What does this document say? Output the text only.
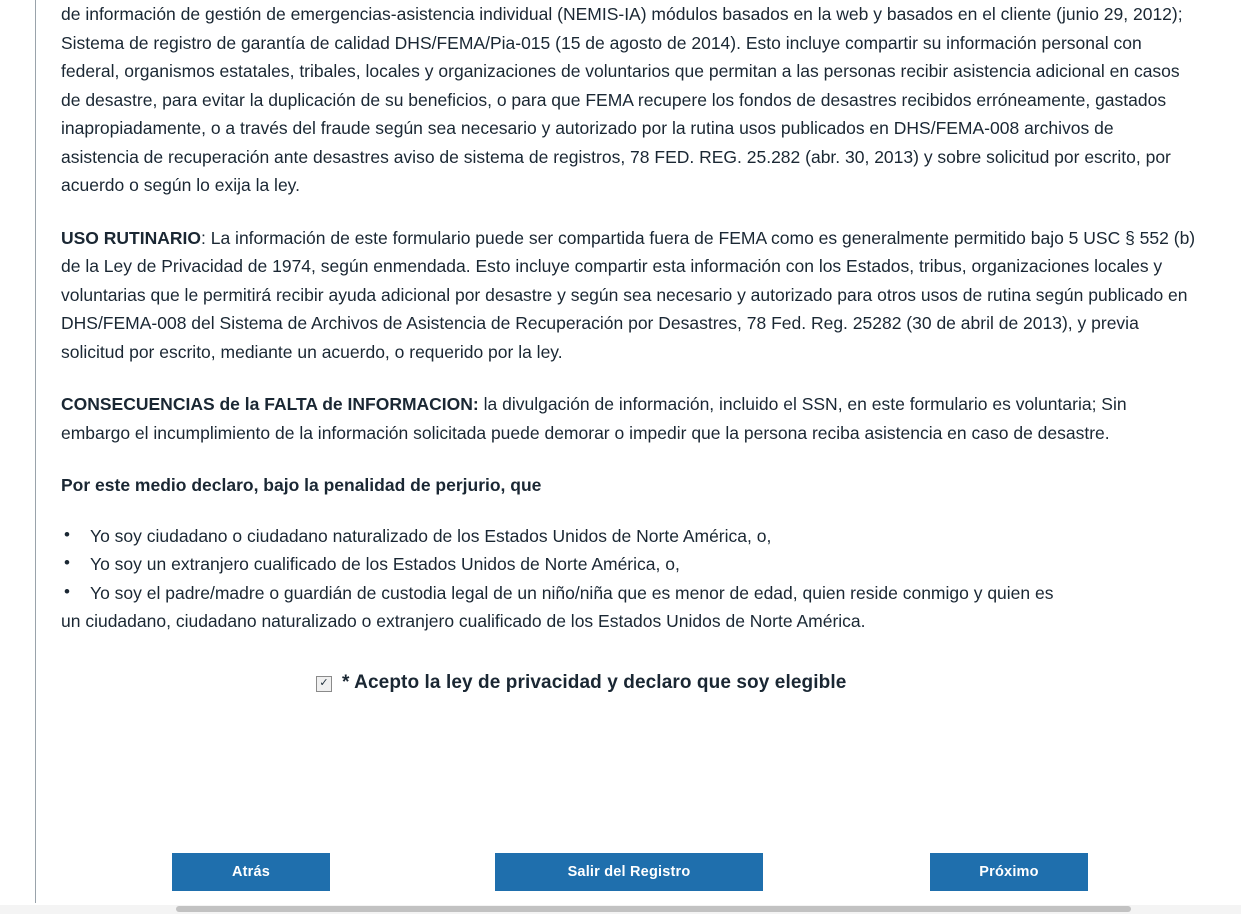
de información de gestión de emergencias-asistencia individual (NEMIS-IA) módulos basados en la web y basados en el cliente (junio 29, 2012); Sistema de registro de garantía de calidad DHS/FEMA/Pia-015 (15 de agosto de 2014). Esto incluye compartir su información personal con federal, organismos estatales, tribales, locales y organizaciones de voluntarios que permitan a las personas recibir asistencia adicional en casos de desastre, para evitar la duplicación de su beneficios, o para que FEMA recupere los fondos de desastres recibidos erróneamente, gastados inapropiadamente, o a través del fraude según sea necesario y autorizado por la rutina usos publicados en DHS/FEMA-008 archivos de asistencia de recuperación ante desastres aviso de sistema de registros, 78 FED. REG. 25.282 (abr. 30, 2013) y sobre solicitud por escrito, por acuerdo o según lo exija la ley.

USO RUTINARIO: La información de este formulario puede ser compartida fuera de FEMA como es generalmente permitido bajo 5 USC § 552 (b) de la Ley de Privacidad de 1974, según enmendada. Esto incluye compartir esta información con los Estados, tribus, organizaciones locales y voluntarias que le permitirá recibir ayuda adicional por desastre y según sea necesario y autorizado para otros usos de rutina según publicado en DHS/FEMA-008 del Sistema de Archivos de Asistencia de Recuperación por Desastres, 78 Fed. Reg. 25282 (30 de abril de 2013), y previa solicitud por escrito, mediante un acuerdo, o requerido por la ley.

CONSECUENCIAS de la FALTA de INFORMACION: la divulgación de información, incluido el SSN, en este formulario es voluntaria; Sin embargo el incumplimiento de la información solicitada puede demorar o impedir que la persona reciba asistencia en caso de desastre.

Por este medio declaro, bajo la penalidad de perjurio, que

• Yo soy ciudadano o ciudadano naturalizado de los Estados Unidos de Norte América, o,
• Yo soy un extranjero cualificado de los Estados Unidos de Norte América, o,
• Yo soy el padre/madre o guardián de custodia legal de un niño/niña que es menor de edad, quien reside conmigo y quien es
un ciudadano, ciudadano naturalizado o extranjero cualificado de los Estados Unidos de Norte América.
✓ * Acepto la ley de privacidad y declaro que soy elegible
Atrás	Salir del Registro	Próximo
